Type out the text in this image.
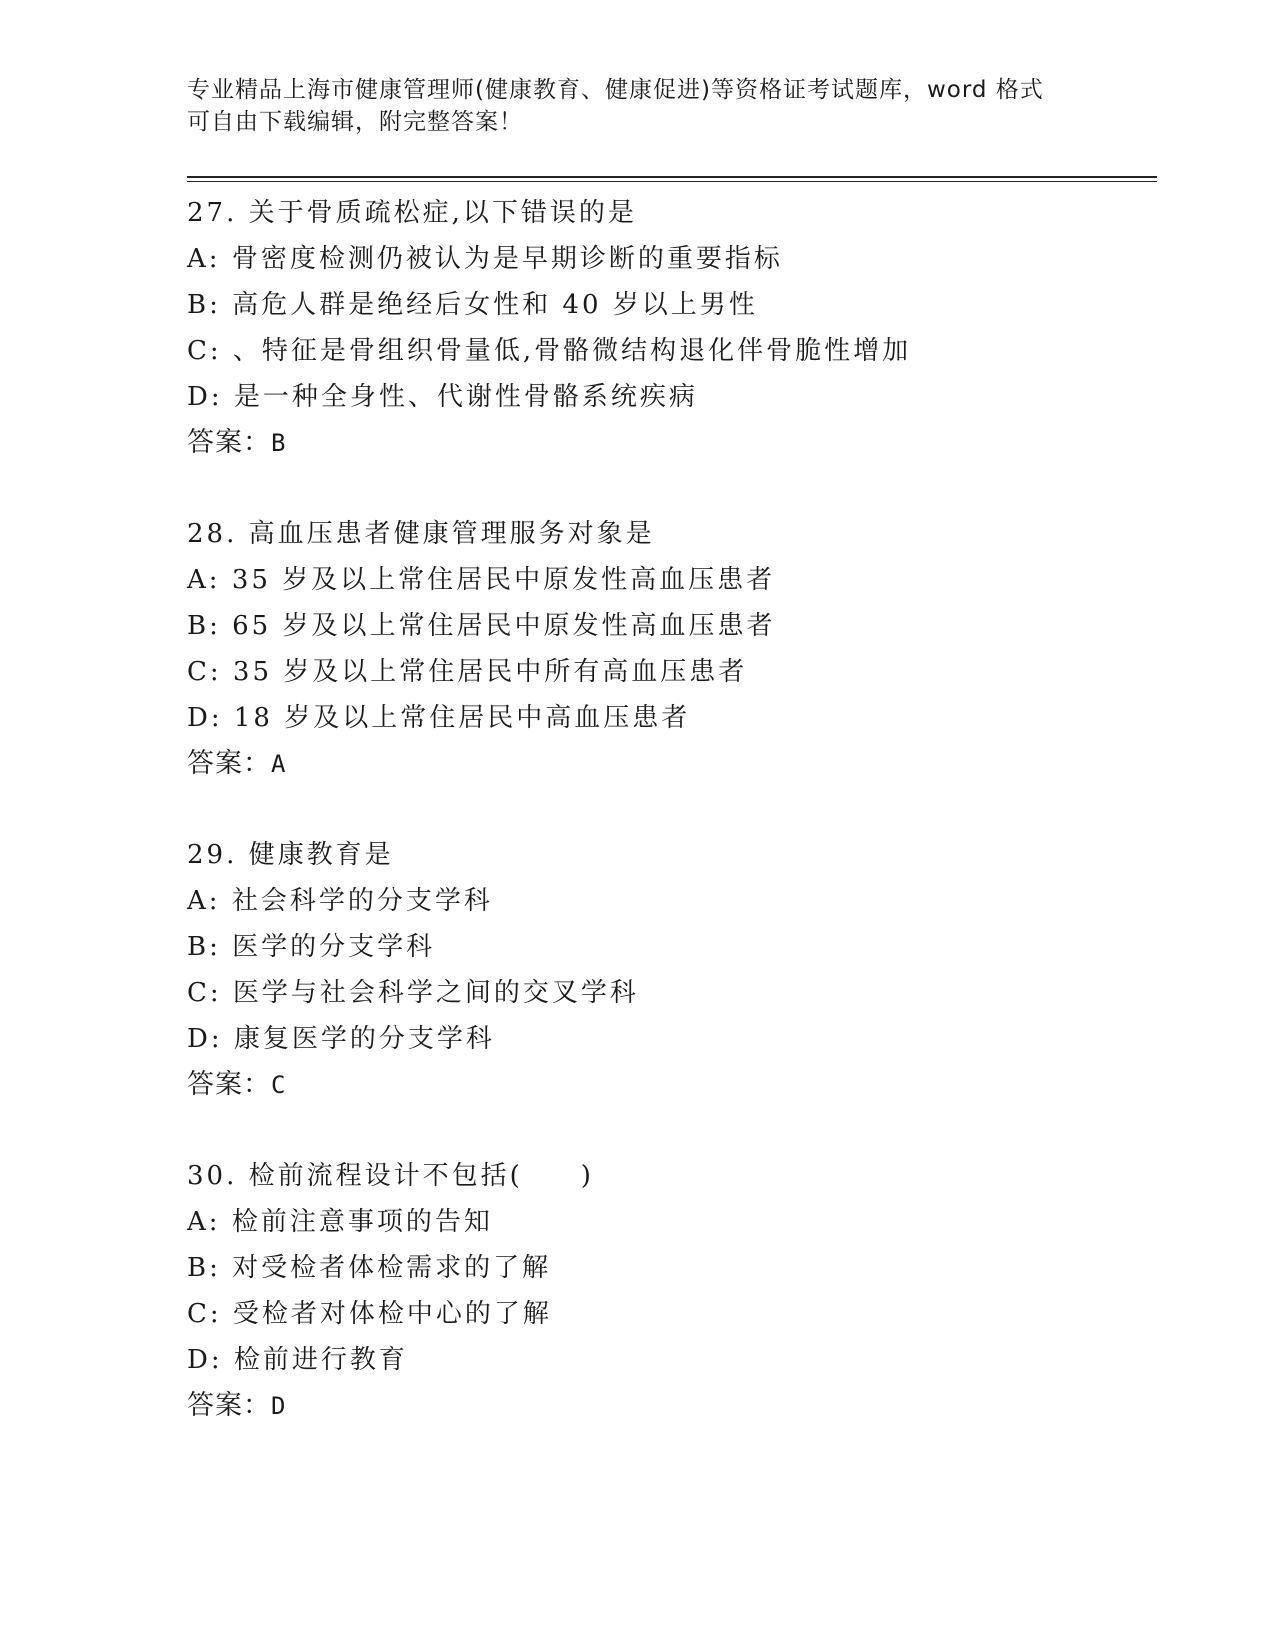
专业精品上海市健康管理师(健康教育、健康促进)等资格证考试题库，word 格式
可自由下载编辑，附完整答案！
27. 关于骨质疏松症,以下错误的是
A: 骨密度检测仍被认为是早期诊断的重要指标
B: 高危人群是绝经后女性和 40 岁以上男性
C: 、特征是骨组织骨量低,骨骼微结构退化伴骨脆性增加
D: 是一种全身性、代谢性骨骼系统疾病
答案：B
28. 高血压患者健康管理服务对象是
A: 35 岁及以上常住居民中原发性高血压患者
B: 65 岁及以上常住居民中原发性高血压患者
C: 35 岁及以上常住居民中所有高血压患者
D: 18 岁及以上常住居民中高血压患者
答案：A
29. 健康教育是
A: 社会科学的分支学科
B: 医学的分支学科
C: 医学与社会科学之间的交叉学科
D: 康复医学的分支学科
答案：C
30. 检前流程设计不包括(　　)
A: 检前注意事项的告知
B: 对受检者体检需求的了解
C: 受检者对体检中心的了解
D: 检前进行教育
答案：D
